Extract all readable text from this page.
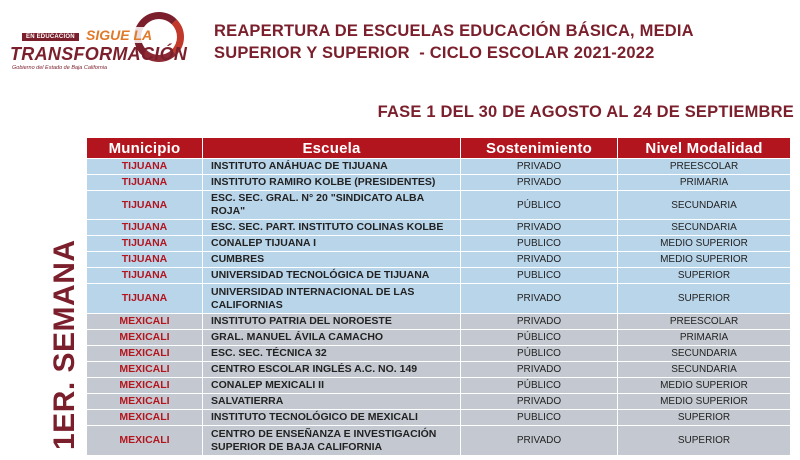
EN EDUCACIÓN SIGUE LA
TRANSFORMACIÓN
Gobierno del Estado de Baja California
REAPERTURA DE ESCUELAS EDUCACIÓN BÁSICA, MEDIA
SUPERIOR Y SUPERIOR  - CICLO ESCOLAR 2021-2022
FASE 1 DEL 30 DE AGOSTO AL 24 DE SEPTIEMBRE
1ER. SEMANA
Municipio	Escuela	Sostenimiento	Nivel Modalidad
TIJUANA	INSTITUTO ANÁHUAC DE TIJUANA	PRIVADO	PREESCOLAR
TIJUANA	INSTITUTO RAMIRO KOLBE (PRESIDENTES)	PRIVADO	PRIMARIA
TIJUANA	ESC. SEC. GRAL. N° 20 "SINDICATO ALBA ROJA"	PÚBLICO	SECUNDARIA
TIJUANA	ESC. SEC. PART. INSTITUTO COLINAS KOLBE	PRIVADO	SECUNDARIA
TIJUANA	CONALEP TIJUANA I	PUBLICO	MEDIO SUPERIOR
TIJUANA	CUMBRES	PRIVADO	MEDIO SUPERIOR
TIJUANA	UNIVERSIDAD TECNOLÓGICA DE TIJUANA	PUBLICO	SUPERIOR
TIJUANA	UNIVERSIDAD INTERNACIONAL DE LAS CALIFORNIAS	PRIVADO	SUPERIOR
MEXICALI	INSTITUTO PATRIA DEL NOROESTE	PRIVADO	PREESCOLAR
MEXICALI	GRAL. MANUEL ÁVILA CAMACHO	PÚBLICO	PRIMARIA
MEXICALI	ESC. SEC. TÉCNICA 32	PÚBLICO	SECUNDARIA
MEXICALI	CENTRO ESCOLAR INGLÉS A.C. NO. 149	PRIVADO	SECUNDARIA
MEXICALI	CONALEP MEXICALI II	PÚBLICO	MEDIO SUPERIOR
MEXICALI	SALVATIERRA	PRIVADO	MEDIO SUPERIOR
MEXICALI	INSTITUTO TECNOLÓGICO DE MEXICALI	PUBLICO	SUPERIOR
MEXICALI	CENTRO DE ENSEÑANZA E INVESTIGACIÓN SUPERIOR DE BAJA CALIFORNIA	PRIVADO	SUPERIOR
